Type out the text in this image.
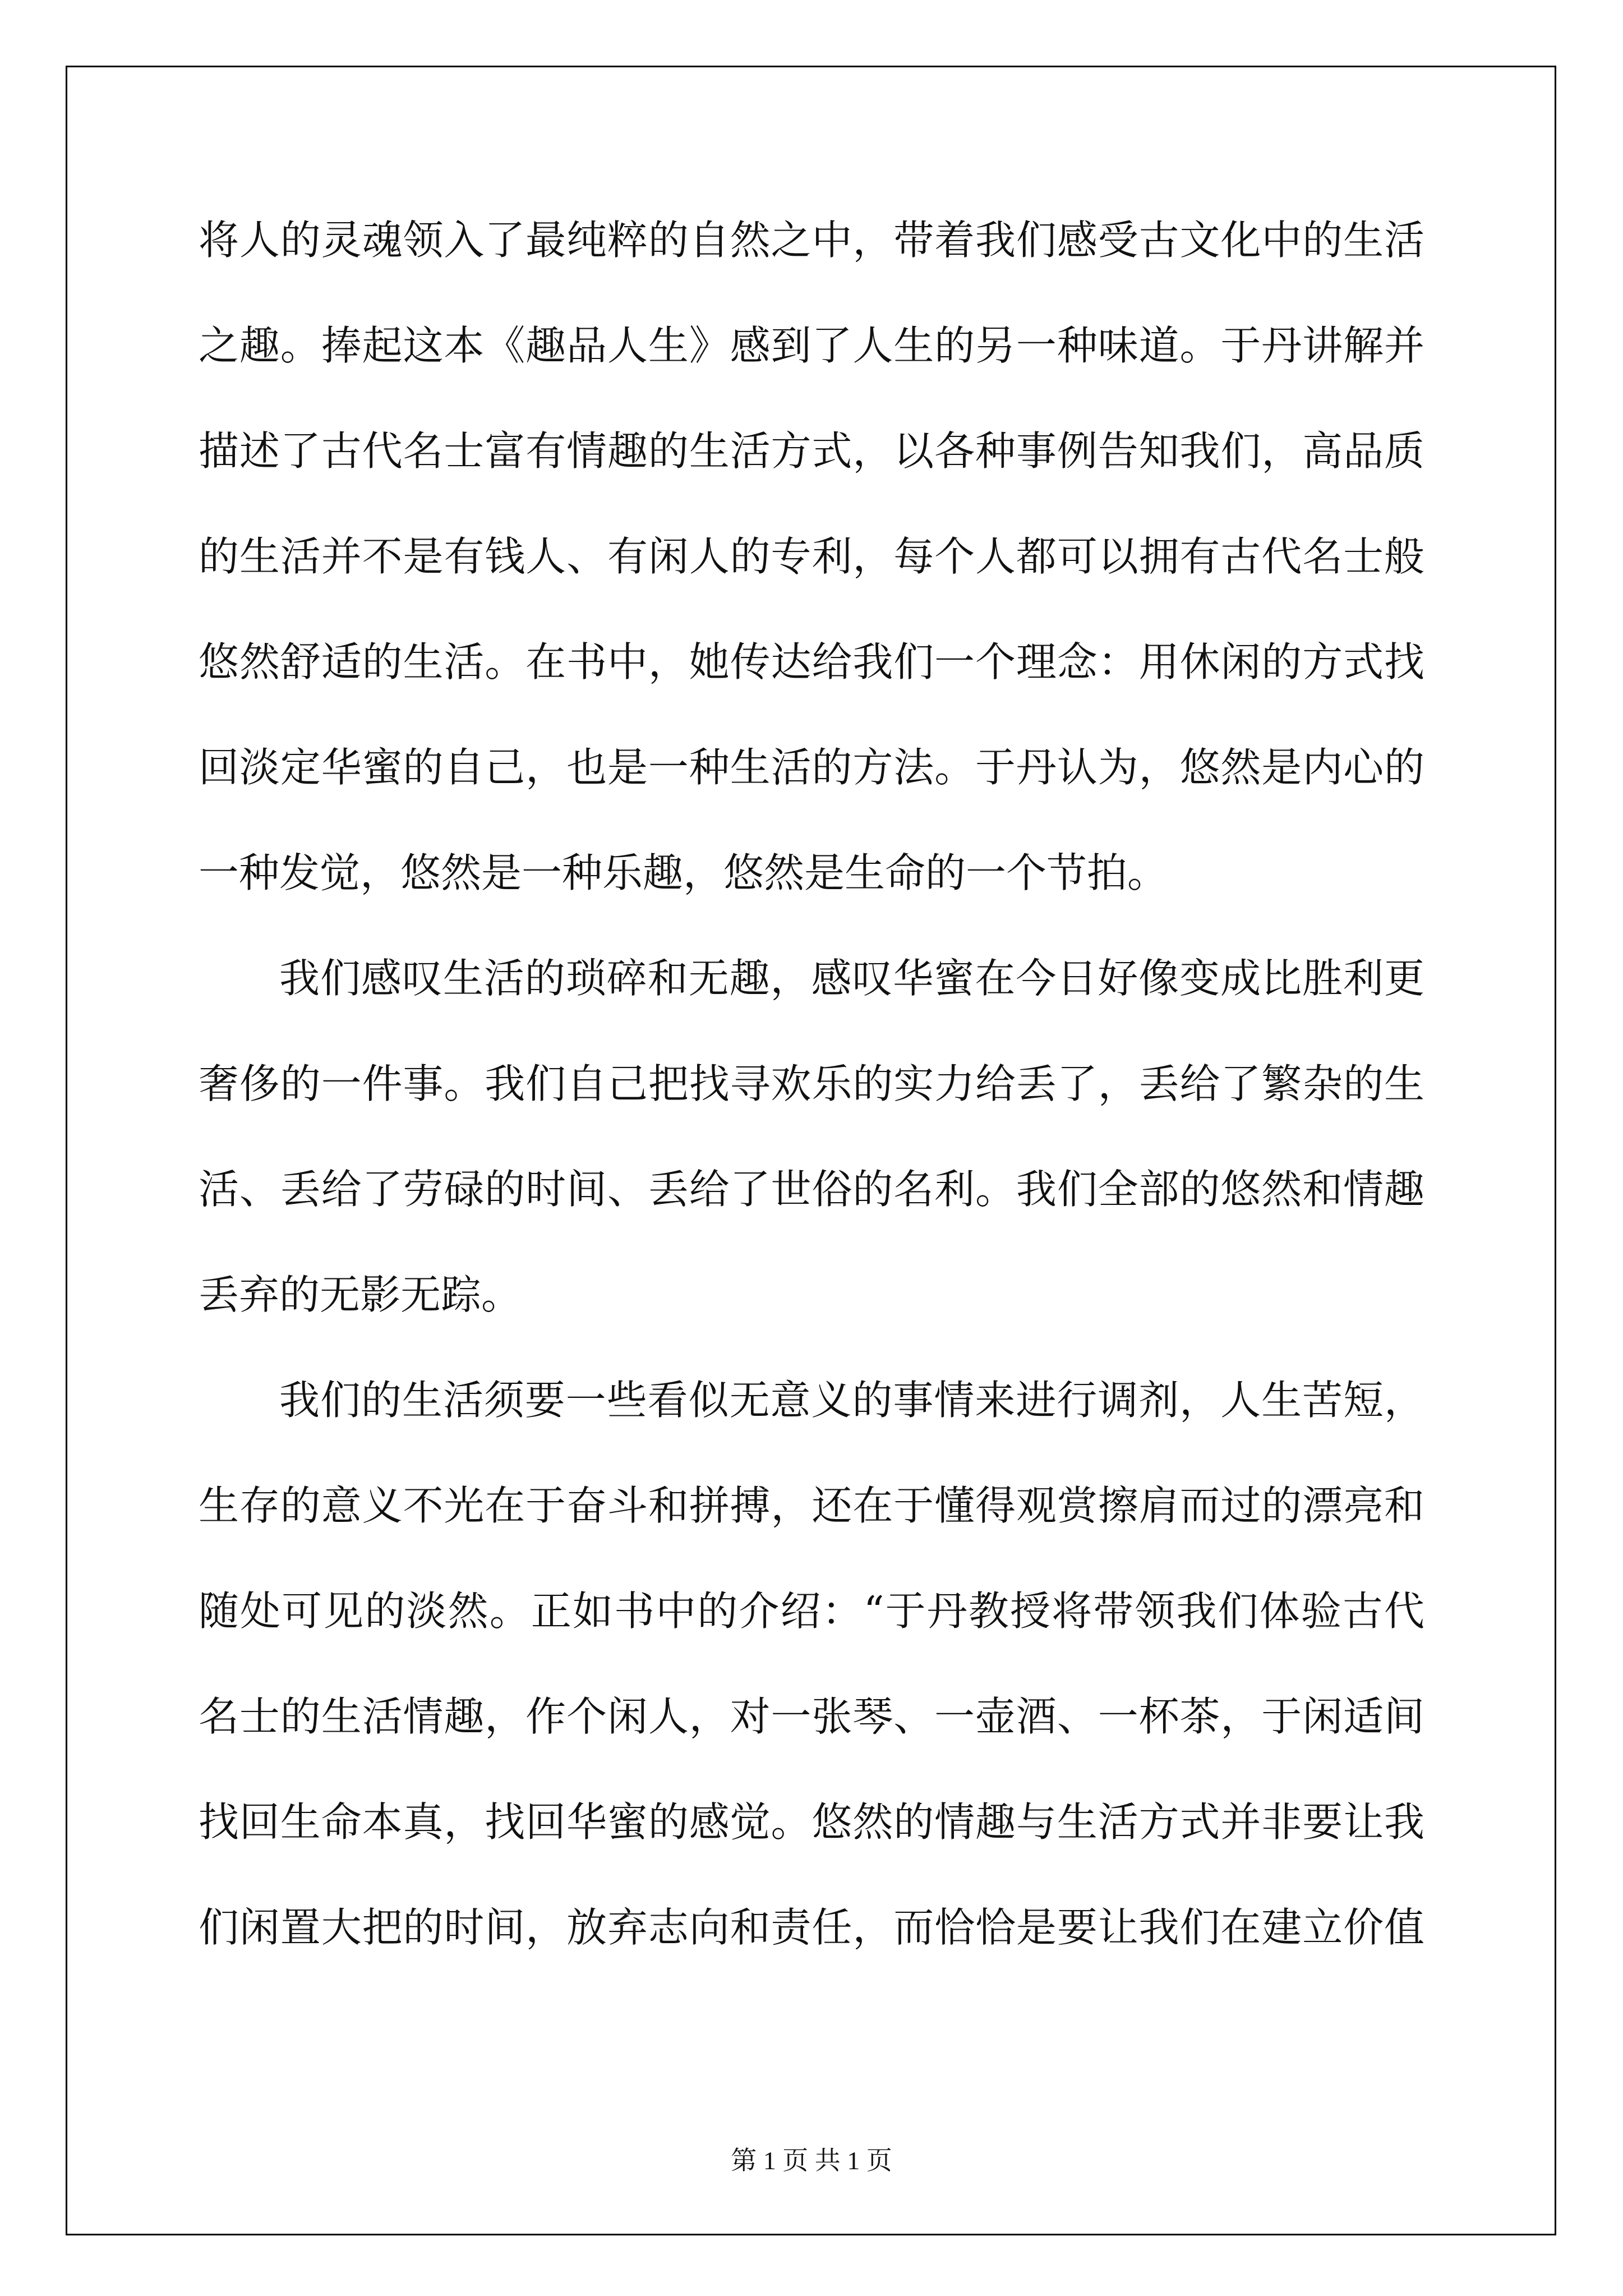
将人的灵魂领入了最纯粹的自然之中，带着我们感受古文化中的生活
之趣。捧起这本《趣品人生》感到了人生的另一种味道。于丹讲解并
描述了古代名士富有情趣的生活方式，以各种事例告知我们，高品质
的生活并不是有钱人、有闲人的专利，每个人都可以拥有古代名士般
悠然舒适的生活。在书中，她传达给我们一个理念：用休闲的方式找
回淡定华蜜的自己，也是一种生活的方法。于丹认为，悠然是内心的
一种发觉，悠然是一种乐趣，悠然是生命的一个节拍。
我们感叹生活的琐碎和无趣，感叹华蜜在今日好像变成比胜利更
奢侈的一件事。我们自己把找寻欢乐的实力给丢了，丢给了繁杂的生
活、丢给了劳碌的时间、丢给了世俗的名利。我们全部的悠然和情趣
丢弃的无影无踪。
我们的生活须要一些看似无意义的事情来进行调剂，人生苦短，
生存的意义不光在于奋斗和拼搏，还在于懂得观赏擦肩而过的漂亮和
随处可见的淡然。正如书中的介绍：“于丹教授将带领我们体验古代
名士的生活情趣，作个闲人，对一张琴、一壶酒、一杯茶，于闲适间
找回生命本真，找回华蜜的感觉。悠然的情趣与生活方式并非要让我
们闲置大把的时间，放弃志向和责任，而恰恰是要让我们在建立价值
第 1 页 共 1 页
